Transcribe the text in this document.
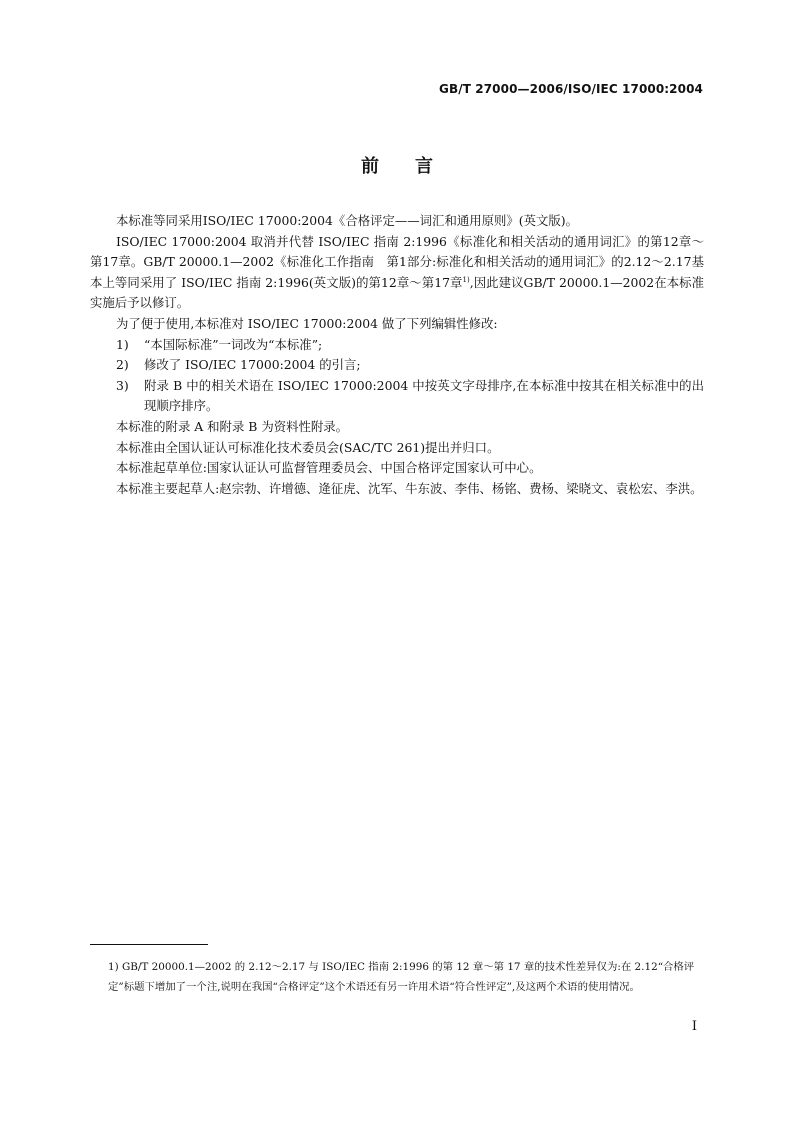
GB/T 27000—2006/ISO/IEC 17000:2004
前言

本标准等同采用ISO/IEC 17000:2004《合格评定——词汇和通用原则》(英文版)。

ISO/IEC 17000:2004 取消并代替 ISO/IEC 指南 2:1996《标准化和相关活动的通用词汇》的第12章～第17章。GB/T 20000.1—2002《标准化工作指南　第1部分:标准化和相关活动的通用词汇》的2.12～2.17基本上等同采用了 ISO/IEC 指南 2:1996(英文版)的第12章～第17章$^{1)}$,因此建议GB/T 20000.1—2002在本标准实施后予以修订。

为了便于使用,本标准对 ISO/IEC 17000:2004 做了下列编辑性修改:

1)	“本国际标准”一词改为“本标准”;
2)	修改了 ISO/IEC 17000:2004 的引言;
3)	附录 B 中的相关术语在 ISO/IEC 17000:2004 中按英文字母排序,在本标准中按其在相关标准中的出现顺序排序。

本标准的附录 A 和附录 B 为资料性附录。

本标准由全国认证认可标准化技术委员会(SAC/TC 261)提出并归口。

本标准起草单位:国家认证认可监督管理委员会、中国合格评定国家认可中心。

本标准主要起草人:赵宗勃、许增德、逄征虎、沈军、牛东波、李伟、杨铭、费杨、梁晓文、袁松宏、李洪。

1) GB/T 20000.1—2002 的 2.12～2.17 与 ISO/IEC 指南 2:1996 的第 12 章～第 17 章的技术性差异仅为:在 2.12“合格评定”标题下增加了一个注,说明在我国“合格评定”这个术语还有另一许用术语“符合性评定”,及这两个术语的使用情况。
I
